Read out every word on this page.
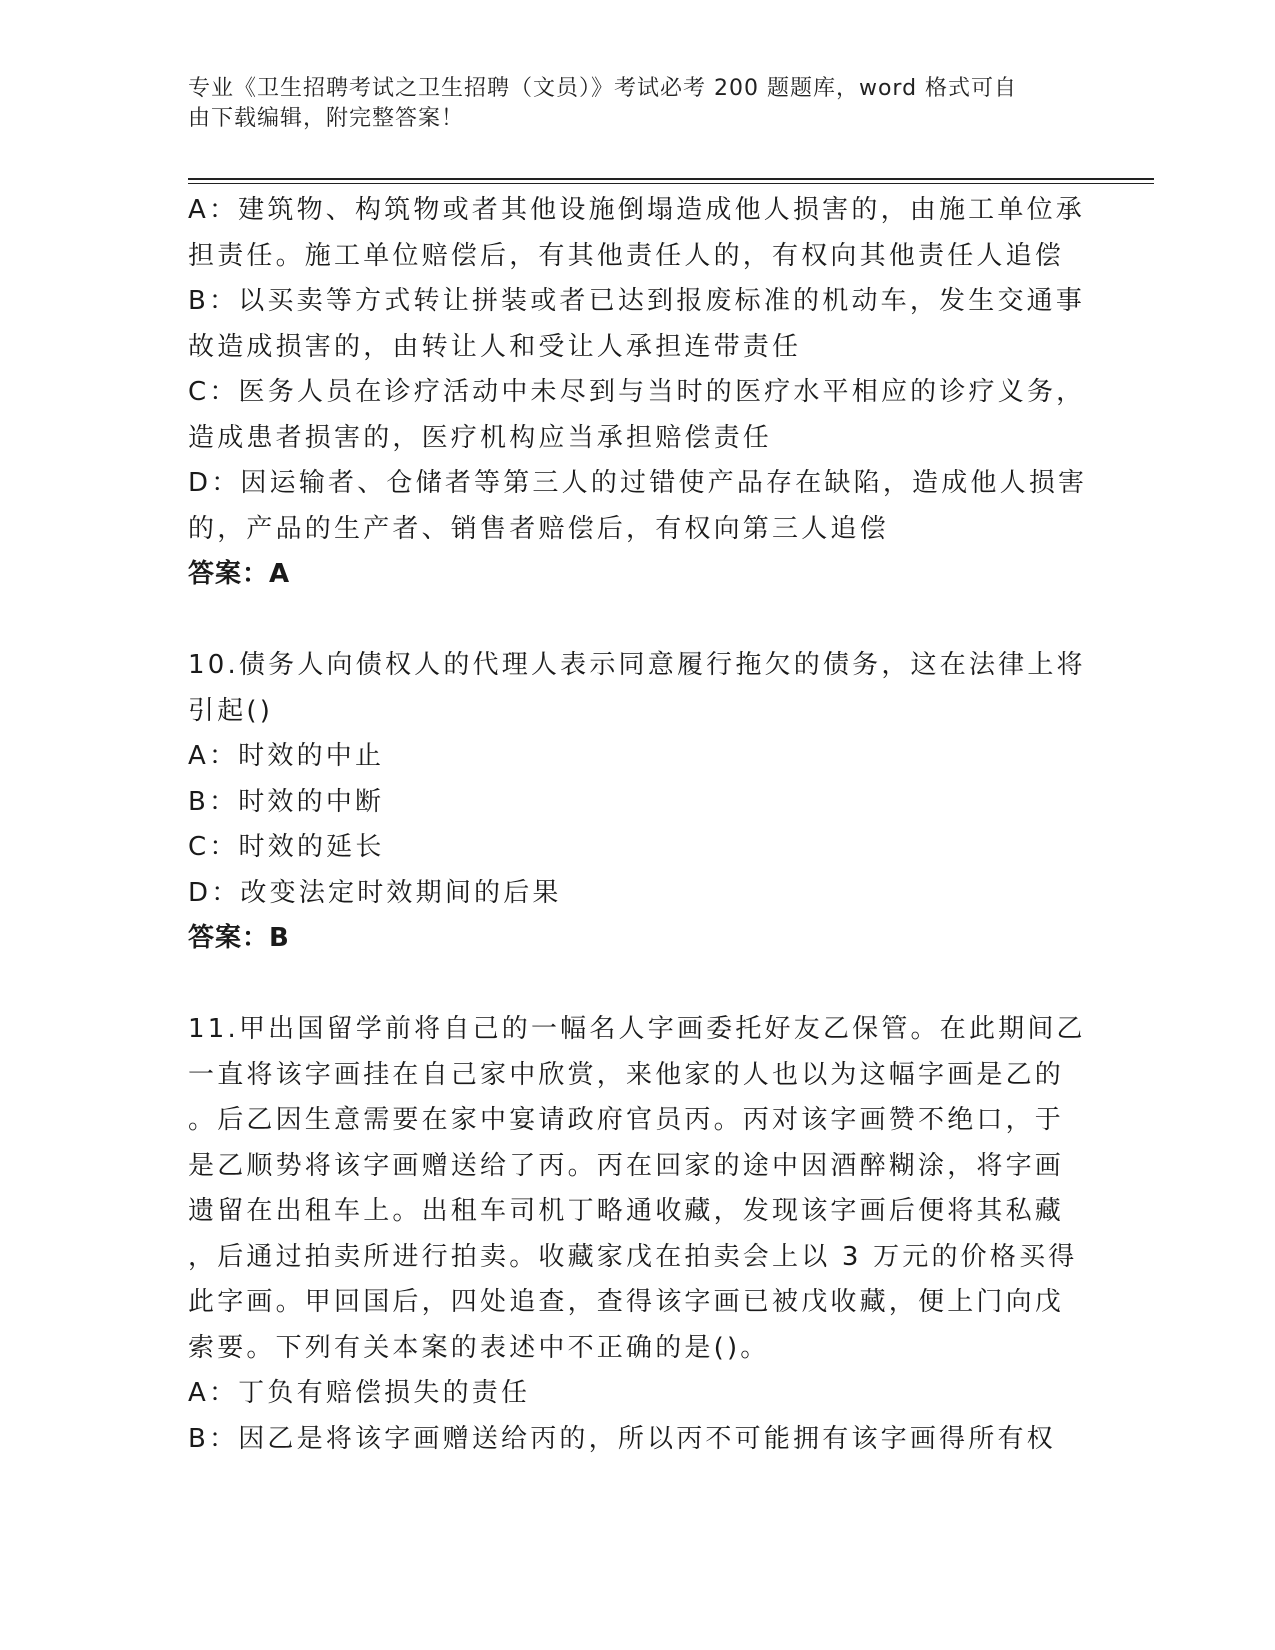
专业《卫生招聘考试之卫生招聘（文员）》考试必考 200 题题库，word 格式可自
由下载编辑，附完整答案！
A：建筑物、构筑物或者其他设施倒塌造成他人损害的，由施工单位承
担责任。施工单位赔偿后，有其他责任人的，有权向其他责任人追偿
B：以买卖等方式转让拼装或者已达到报废标准的机动车，发生交通事
故造成损害的，由转让人和受让人承担连带责任
C：医务人员在诊疗活动中未尽到与当时的医疗水平相应的诊疗义务，
造成患者损害的，医疗机构应当承担赔偿责任
D：因运输者、仓储者等第三人的过错使产品存在缺陷，造成他人损害
的，产品的生产者、销售者赔偿后，有权向第三人追偿
答案：A
10.债务人向债权人的代理人表示同意履行拖欠的债务，这在法律上将
引起()
A：时效的中止
B：时效的中断
C：时效的延长
D：改变法定时效期间的后果
答案：B
11.甲出国留学前将自己的一幅名人字画委托好友乙保管。在此期间乙
一直将该字画挂在自己家中欣赏，来他家的人也以为这幅字画是乙的
。后乙因生意需要在家中宴请政府官员丙。丙对该字画赞不绝口，于
是乙顺势将该字画赠送给了丙。丙在回家的途中因酒醉糊涂，将字画
遗留在出租车上。出租车司机丁略通收藏，发现该字画后便将其私藏
，后通过拍卖所进行拍卖。收藏家戊在拍卖会上以 3 万元的价格买得
此字画。甲回国后，四处追查，查得该字画已被戊收藏，便上门向戊
索要。下列有关本案的表述中不正确的是()。
A：丁负有赔偿损失的责任
B：因乙是将该字画赠送给丙的，所以丙不可能拥有该字画得所有权
